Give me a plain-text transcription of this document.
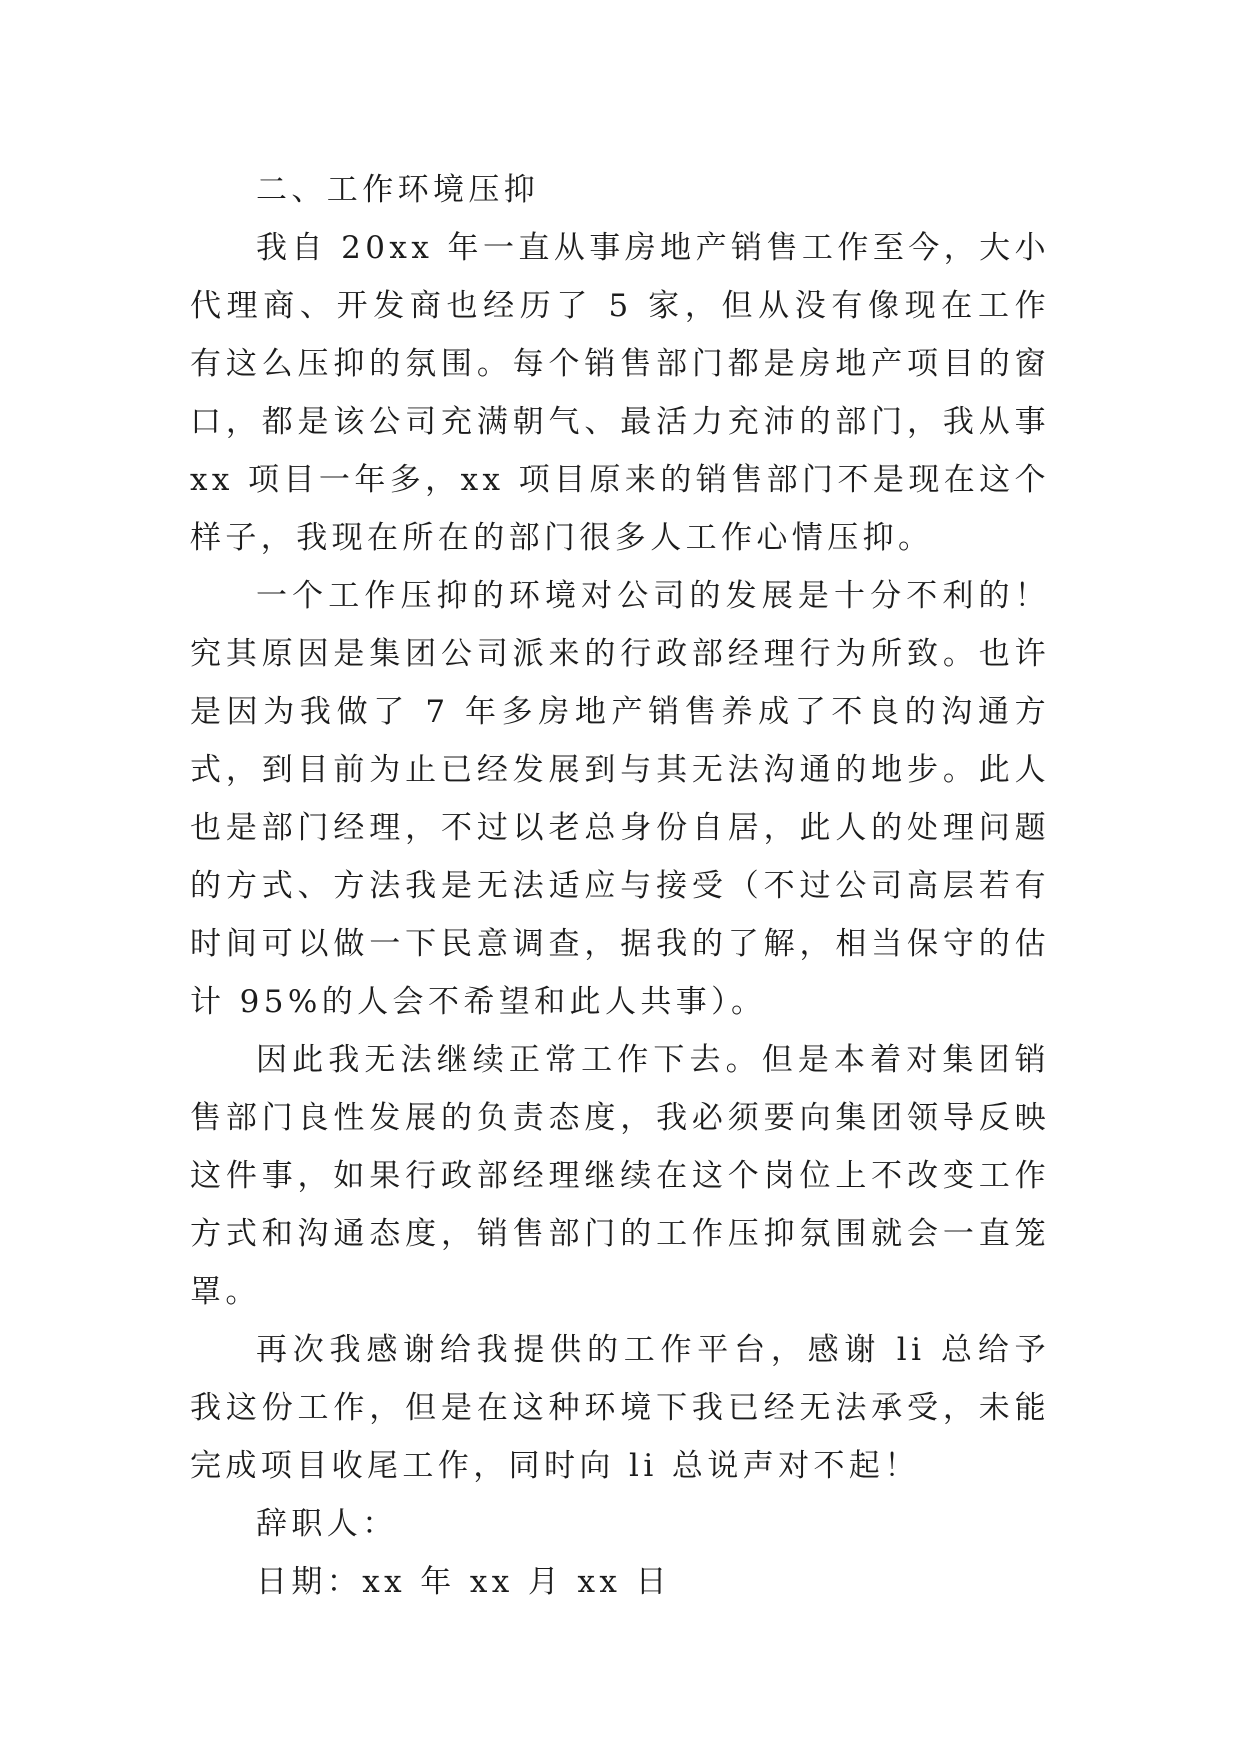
二、工作环境压抑

我自 20xx 年一直从事房地产销售工作至今，大小代理商、开发商也经历了 5 家，但从没有像现在工作有这么压抑的氛围。每个销售部门都是房地产项目的窗口，都是该公司充满朝气、最活力充沛的部门，我从事 xx 项目一年多，xx 项目原来的销售部门不是现在这个样子，我现在所在的部门很多人工作心情压抑。

一个工作压抑的环境对公司的发展是十分不利的！究其原因是集团公司派来的行政部经理行为所致。也许是因为我做了 7 年多房地产销售养成了不良的沟通方式，到目前为止已经发展到与其无法沟通的地步。此人也是部门经理，不过以老总身份自居，此人的处理问题的方式、方法我是无法适应与接受（不过公司高层若有时间可以做一下民意调查，据我的了解，相当保守的估计 95%的人会不希望和此人共事）。

因此我无法继续正常工作下去。但是本着对集团销售部门良性发展的负责态度，我必须要向集团领导反映这件事，如果行政部经理继续在这个岗位上不改变工作方式和沟通态度，销售部门的工作压抑氛围就会一直笼罩。

再次我感谢给我提供的工作平台，感谢 li 总给予我这份工作，但是在这种环境下我已经无法承受，未能完成项目收尾工作，同时向 li 总说声对不起！

辞职人：

日期：xx 年 xx 月 xx 日
